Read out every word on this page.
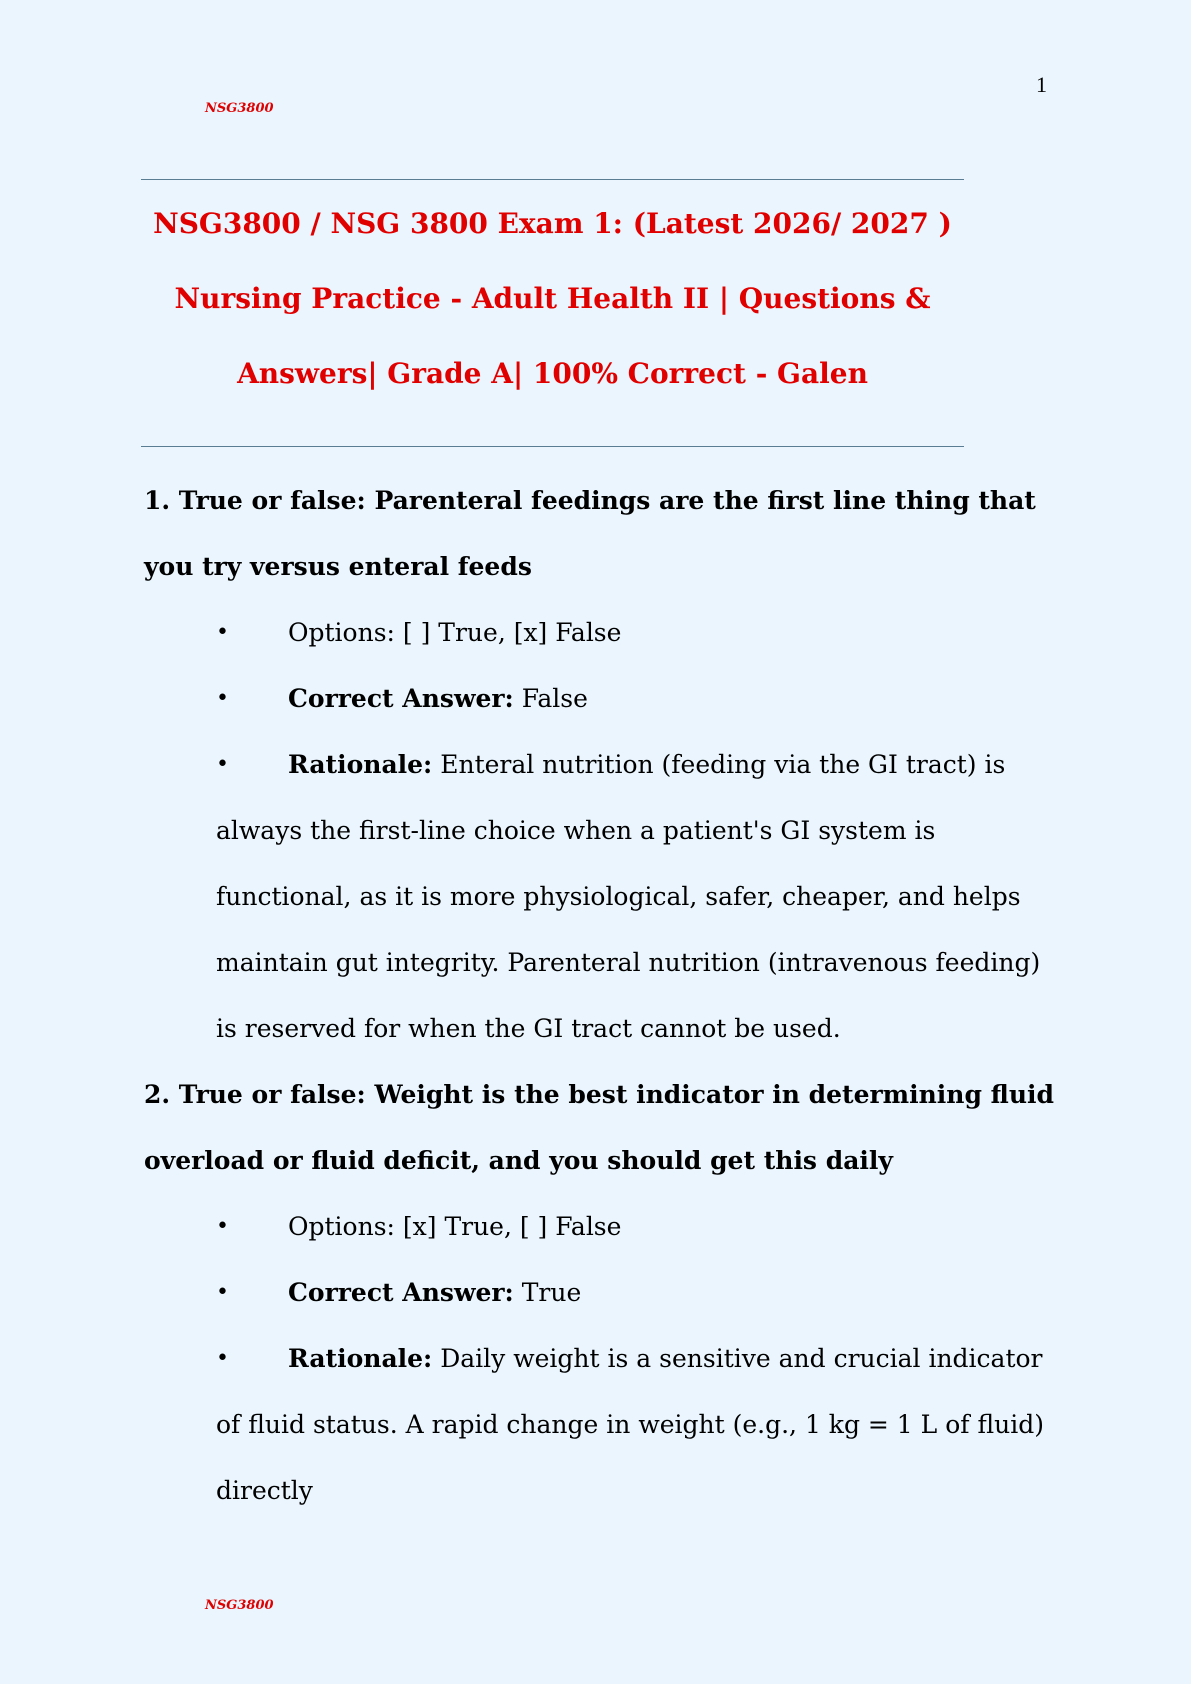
1
NSG3800
NSG3800 / NSG 3800 Exam 1: (Latest 2026/ 2027 )
Nursing Practice - Adult Health II | Questions &
Answers| Grade A| 100% Correct - Galen

1. True or false: Parenteral feedings are the first line thing that you try versus enteral feeds

• Options: [ ] True, [x] False
• Correct Answer: False
• Rationale: Enteral nutrition (feeding via the GI tract) is always the first-line choice when a patient's GI system is functional, as it is more physiological, safer, cheaper, and helps maintain gut integrity. Parenteral nutrition (intravenous feeding) is reserved for when the GI tract cannot be used.

2. True or false: Weight is the best indicator in determining fluid overload or fluid deficit, and you should get this daily

• Options: [x] True, [ ] False
• Correct Answer: True
• Rationale: Daily weight is a sensitive and crucial indicator of fluid status. A rapid change in weight (e.g., 1 kg = 1 L of fluid) directly
NSG3800
